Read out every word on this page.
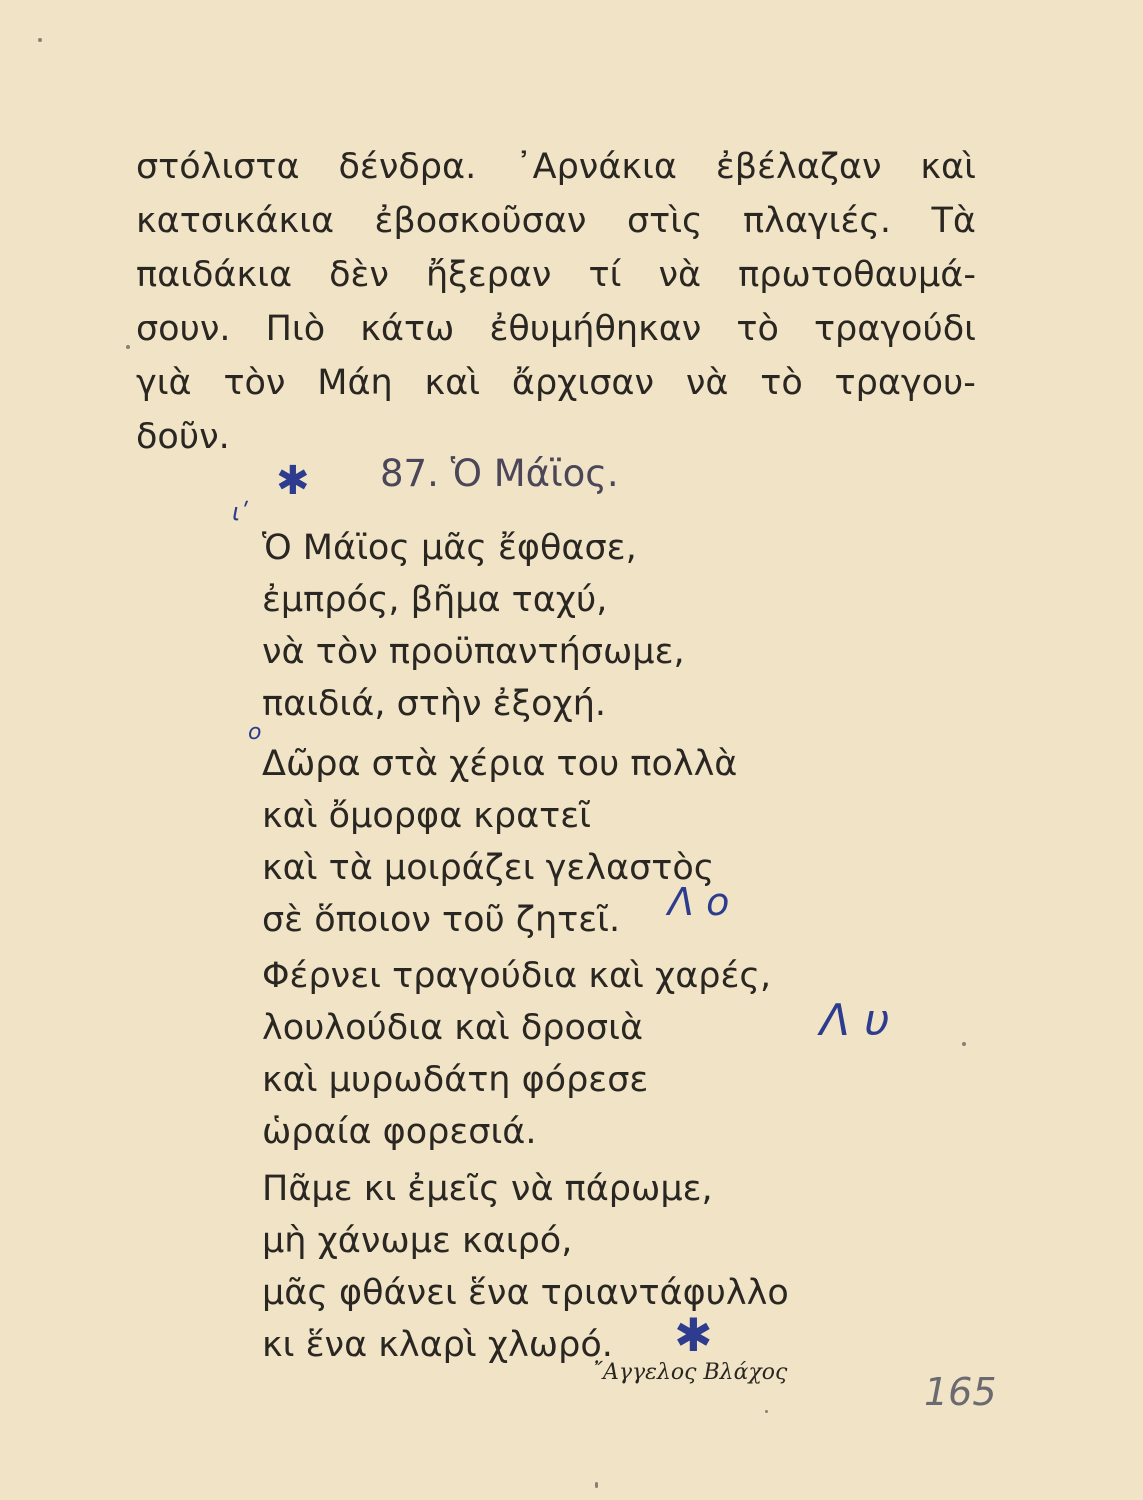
στόλιστα δένδρα. ᾿Αρνάκια ἐβέλαζαν καὶ
κατσικάκια ἐβοσκοῦσαν στὶς πλαγιές. Τὰ
παιδάκια δὲν ἤξεραν τί νὰ πρωτοθαυμά-
σουν. Πιὸ κάτω ἐθυμήθηκαν τὸ τραγούδι
γιὰ τὸν Μάη καὶ ἄρχισαν νὰ τὸ τραγου-
δοῦν.
✱ 87. Ὁ Μάϊος.
ιʹ
Ὁ Μάϊος μᾶς ἔφθασε,
ἐμπρός, βῆμα ταχύ,
νὰ τὸν προϋπαντήσωμε,
παιδιά, στὴν ἐξοχή.
o
Δῶρα στὰ χέρια του πολλὰ
καὶ ὄμορφα κρατεῖ
καὶ τὰ μοιράζει γελαστὸς
σὲ ὅποιον τοῦ ζητεῖ.	Λ o
Φέρνει τραγούδια καὶ χαρές,
λουλούδια καὶ δροσιὰ
καὶ μυρωδάτη φόρεσε
ὡραία φορεσιά.
Λ υ
Πᾶμε κι ἐμεῖς νὰ πάρωμε,
μὴ χάνωμε καιρό,
μᾶς φθάνει ἕνα τριαντάφυλλο
κι ἕνα κλαρὶ χλωρό.	✱
῎Αγγελος Βλάχος	165
